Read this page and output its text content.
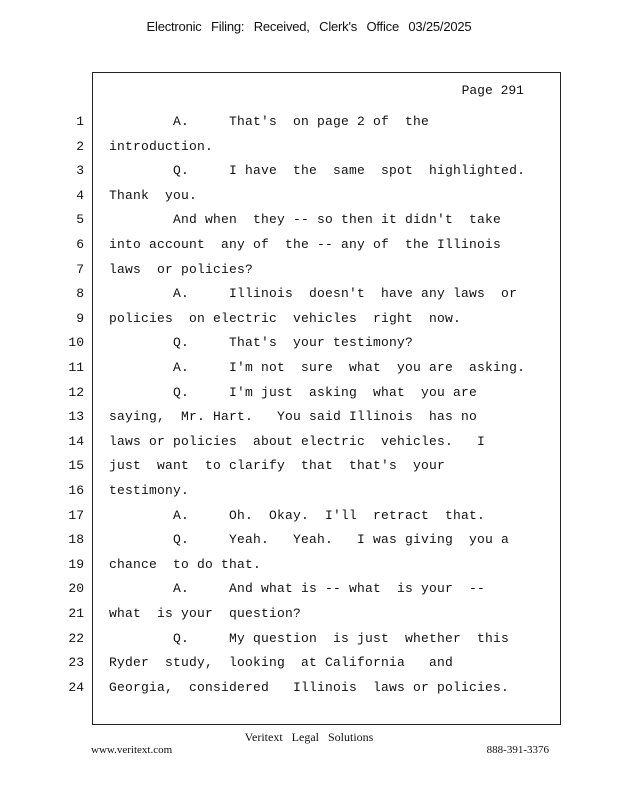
Electronic Filing: Received, Clerk's Office 03/25/2025
Page 291
1 A.     That's  on page 2 of  the
2 introduction.
3 Q.     I have  the  same  spot  highlighted.
4 Thank  you.
5 And when  they -- so then it didn't  take
6 into account  any of  the -- any of  the Illinois
7 laws  or policies?
8 A.     Illinois  doesn't  have any laws  or
9 policies  on electric  vehicles  right  now.
10 Q.     That's  your testimony?
11 A.     I'm not  sure  what  you are  asking.
12 Q.     I'm just  asking  what  you are
13 saying,  Mr. Hart.   You said Illinois  has no
14 laws or policies  about electric  vehicles.   I
15 just  want  to clarify  that  that's  your
16 testimony.
17 A.     Oh.  Okay.  I'll  retract  that.
18 Q.     Yeah.   Yeah.   I was giving  you a
19 chance  to do that.
20 A.     And what is -- what  is your  --
21 what  is your  question?
22 Q.     My question  is just  whether  this
23 Ryder  study,  looking  at California   and
24 Georgia,  considered   Illinois  laws or policies.
Veritext Legal Solutions
www.veritext.com	888-391-3376
